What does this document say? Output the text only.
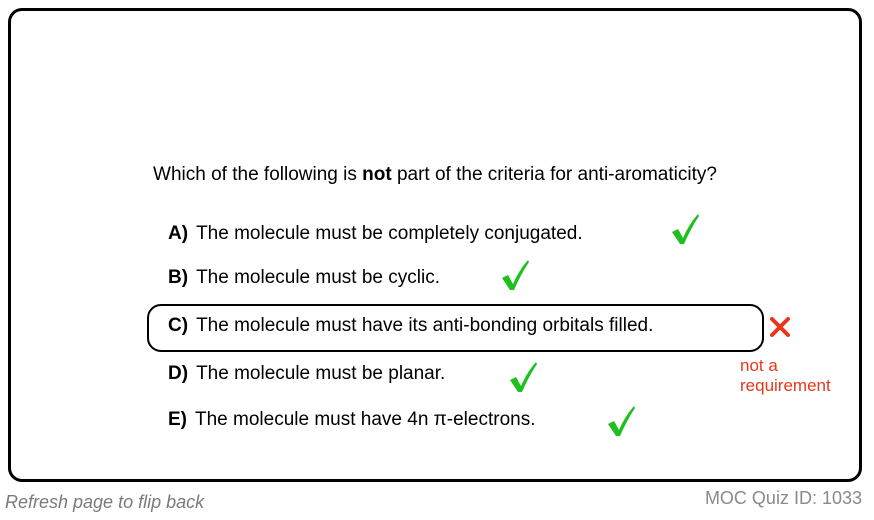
Which of the following is not part of the criteria for anti-aromaticity?
A) The molecule must be completely conjugated.
B) The molecule must be cyclic.
C) The molecule must have its anti-bonding orbitals filled.
not a
requirement
D) The molecule must be planar.
E) The molecule must have 4n π-electrons.
Refresh page to flip back	MOC Quiz ID: 1033
